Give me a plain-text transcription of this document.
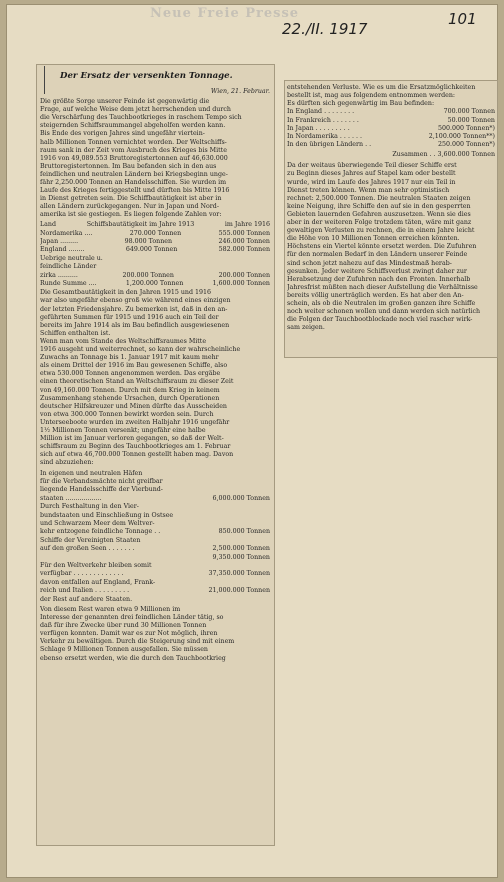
Neue Freie Presse
22./II. 1917
101
Der Ersatz der versenkten Tonnage.
Wien, 21. Februar.
Die größte Sorge unserer Feinde ist gegenwärtig die
Frage, auf welche Weise dem jetzt herrschenden und durch
die Verschärfung des Tauchbootkrieges in raschem Tempo sich
steigernden Schiffsraummangel abgeholfen werden kann.
Bis Ende des vorigen Jahres sind ungefähr viertein-
halb Millionen Tonnen vernichtet worden. Der Weltschiffs-
raum sank in der Zeit vom Ausbruch des Krieges bis Mitte
1916 von 49,089.553 Bruttoregistertonnen auf 46,630.000
Bruttoregistertonnen. Im Bau befanden sich in den aus
feindlichen und neutralen Ländern bei Kriegsbeginn unge-
fähr 2,250.000 Tonnen an Handelsschiffen. Sie wurden im
Laufe des Krieges fertiggestellt und dürften bis Mitte 1916
in Dienst getreten sein. Die Schiffbautätigkeit ist aber in
allen Ländern zurückgegangen. Nur in Japan und Nord-
amerika ist sie gestiegen. Es liegen folgende Zahlen vor:
Land	Schiffsbautätigkeit im Jahre 1913	im Jahre 1916
Nordamerika ....	270.000 Tonnen	555.000 Tonnen
Japan .........	98.000 Tonnen	246.000 Tonnen
England ........	649.000 Tonnen	582.000 Tonnen
Uebrige neutrale u.
feindliche Länder
zirka ..........	200.000 Tonnen	200.000 Tonnen
Runde Summe ....	1,200.000 Tonnen	1,600.000 Tonnen
Die Gesamtbautätigkeit in den Jahren 1915 und 1916
war also ungefähr ebenso groß wie während eines einzigen
der letzten Friedensjahre. Zu bemerken ist, daß in den an-
geführten Summen für 1915 und 1916 auch ein Teil der
bereits im Jahre 1914 als im Bau befindlich ausgewiesenen
Schiffen enthalten ist.
Wenn man vom Stande des Weltschiffsraumes Mitte
1916 ausgeht und weiterrechnet, so kann der wahrscheinliche
Zuwachs an Tonnage bis 1. Januar 1917 mit kaum mehr
als einem Drittel der 1916 im Bau gewesenen Schiffe, also
etwa 530.000 Tonnen angenommen werden. Das ergäbe
einen theoretischen Stand an Weltschiffsraum zu dieser Zeit
von 49,160.000 Tonnen. Durch mit dem Krieg in keinem
Zusammenhang stehende Ursachen, durch Operationen
deutscher Hilfskreuzer und Minen dürfte das Ausscheiden
von etwa 300.000 Tonnen bewirkt worden sein. Durch
Unterseeboote wurden im zweiten Halbjahr 1916 ungefähr
1½ Millionen Tonnen versenkt; ungefähr eine halbe
Million ist im Januar verloren gegangen, so daß der Welt-
schiffsraum zu Beginn des Tauchbootkrieges am 1. Februar
sich auf etwa 46,700.000 Tonnen gestellt haben mag. Davon
sind abzuziehen:
In eigenen und neutralen Häfen
für die Verbandsmächte nicht greifbar
liegende Handelsschiffe der Vierbund-
staaten ..................	6,000.000 Tonnen
Durch Festhaltung in den Vier-
bundstaaten und Einschließung in Ostsee
und Schwarzem Meer dem Weltver-
kehr entzogene feindliche Tonnage . .	850.000 Tonnen
Schiffe der Vereinigten Staaten
auf den großen Seen . . . . . . .	2,500.000 Tonnen
9,350.000 Tonnen
Für den Weltverkehr bleiben somit
verfügbar . . . . . . . . . . . . .	37,350.000 Tonnen
davon entfallen auf England, Frank-
reich und Italien . . . . . . . . .	21,000.000 Tonnen
der Rest auf andere Staaten.
Von diesem Rest waren etwa 9 Millionen im
Interesse der genannten drei feindlichen Länder tätig, so
daß für ihre Zwecke über rund 30 Millionen Tonnen
verfügen konnten. Damit war es zur Not möglich, ihren
Verkehr zu bewältigen. Durch die Steigerung sind mit einem
Schlage 9 Millionen Tonnen ausgefallen. Sie müssen
ebenso ersetzt werden, wie die durch den Tauchbootkrieg
entstehenden Verluste. Wie es um die Ersatzmöglichkeiten
bestellt ist, mag aus folgendem entnommen werden:
Es dürften sich gegenwärtig im Bau befinden:
In England . . . . . . . .	700.000 Tonnen
In Frankreich . . . . . . .	50.000 Tonnen
In Japan . . . . . . . . .	500.000 Tonnen*)
In Nordamerika . . . . . .	2,100.000 Tonnen**)
In den übrigen Ländern . .	250.000 Tonnen*)
Zusammen . . 3,600.000 Tonnen
Da der weitaus überwiegende Teil dieser Schiffe erst
zu Beginn dieses Jahres auf Stapel kam oder bestellt
wurde, wird im Laufe des Jahres 1917 nur ein Teil in
Dienst treten können. Wenn man sehr optimistisch
rechnet: 2,500.000 Tonnen. Die neutralen Staaten zeigen
keine Neigung, ihre Schiffe den auf sie in den gesperrten
Gebieten lauernden Gefahren auszusetzen. Wenn sie dies
aber in der weiteren Folge trotzdem täten, wäre mit ganz
gewaltigen Verlusten zu rechnen, die in einem Jahre leicht
die Höhe von 10 Millionen Tonnen erreichen könnten.
Höchstens ein Viertel könnte ersetzt werden. Die Zufuhren
für den normalen Bedarf in den Ländern unserer Feinde
sind schon jetzt nahezu auf das Mindestmaß herab-
gesunken. Jeder weitere Schiffsverlust zwingt daher zur
Herabsetzung der Zufuhren nach den Fronten. Innerhalb
Jahresfrist müßten nach dieser Aufstellung die Verhältnisse
bereits völlig unerträglich werden. Es hat aber den An-
schein, als ob die Neutralen im großen ganzen ihre Schiffe
noch weiter schonen wollen und dann werden sich natürlich
die Folgen der Tauchbootblockade noch viel rascher wirk-
sam zeigen.
